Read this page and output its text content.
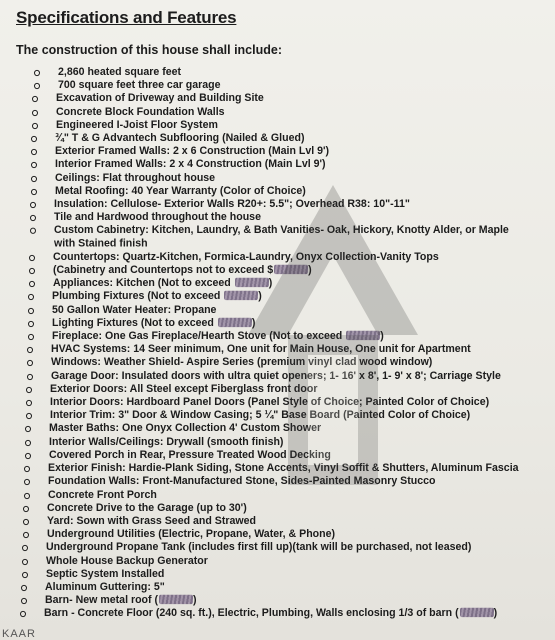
Specifications and Features
The construction of this house shall include:
2,860 heated square feet
700 square feet three car garage
Excavation of Driveway and Building Site
Concrete Block Foundation Walls
Engineered I-Joist Floor System
¾" T & G Advantech Subflooring (Nailed & Glued)
Exterior Framed Walls: 2 x 6 Construction (Main Lvl 9')
Interior Framed Walls: 2 x 4 Construction (Main Lvl 9')
Ceilings: Flat throughout house
Metal Roofing: 40 Year Warranty (Color of Choice)
Insulation: Cellulose- Exterior Walls R20+: 5.5"; Overhead R38: 10"-11"
Tile and Hardwood throughout the house
Custom Cabinetry: Kitchen, Laundry, & Bath Vanities- Oak, Hickory, Knotty Alder, or Maple with Stained finish
Countertops: Quartz-Kitchen, Formica-Laundry, Onyx Collection-Vanity Tops
(Cabinetry and Countertops not to exceed $	)
Appliances: Kitchen (Not to exceed	)
Plumbing Fixtures (Not to exceed	)
50 Gallon Water Heater: Propane
Lighting Fixtures (Not to exceed	)
Fireplace: One Gas Fireplace/Hearth Stove (Not to exceed	)
HVAC Systems: 14 Seer minimum, One unit for Main House, One unit for Apartment
Windows: Weather Shield- Aspire Series (premium vinyl clad wood window)
Garage Door: Insulated doors with ultra quiet openers; 1- 16' x 8', 1- 9' x 8'; Carriage Style
Exterior Doors: All Steel except Fiberglass front door
Interior Doors: Hardboard Panel Doors (Panel Style of Choice; Painted Color of Choice)
Interior Trim: 3" Door & Window Casing; 5 ¼" Base Board (Painted Color of Choice)
Master Baths: One Onyx Collection 4' Custom Shower
Interior Walls/Ceilings: Drywall (smooth finish)
Covered Porch in Rear, Pressure Treated Wood Decking
Exterior Finish: Hardie-Plank Siding, Stone Accents, Vinyl Soffit & Shutters, Aluminum Fascia
Foundation Walls: Front-Manufactured Stone, Sides-Painted Masonry Stucco
Concrete Front Porch
Concrete Drive to the Garage (up to 30')
Yard: Sown with Grass Seed and Strawed
Underground Utilities (Electric, Propane, Water, & Phone)
Underground Propane Tank (includes first fill up)(tank will be purchased, not leased)
Whole House Backup Generator
Septic System Installed
Aluminum Guttering: 5"
Barn- New metal roof (	)
Barn - Concrete Floor (240 sq. ft.), Electric, Plumbing, Walls enclosing 1/3 of barn (	)
KAAR
